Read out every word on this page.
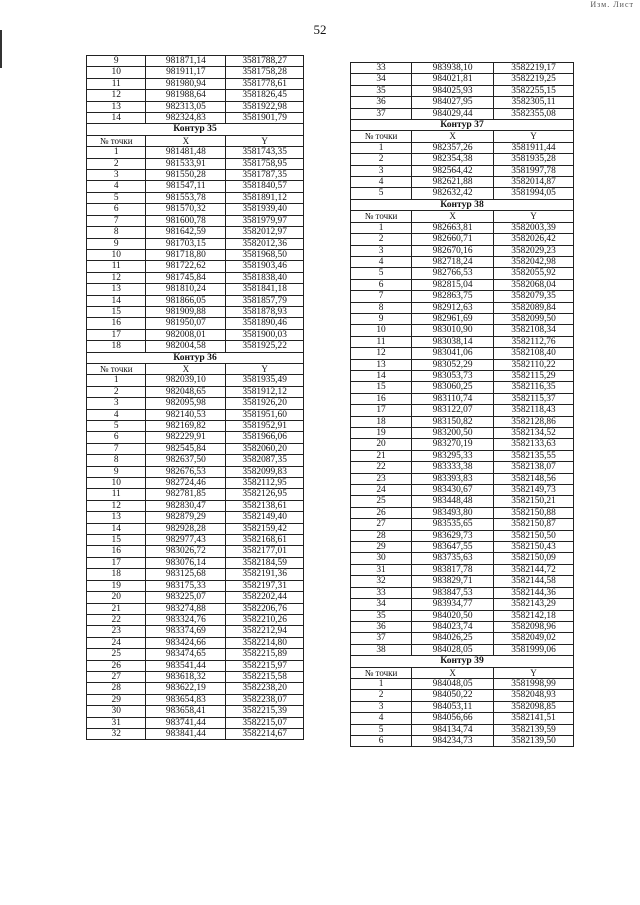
Изм. Лист
52
9	981871,14	3581788,27
10	981911,17	3581758,28
11	981980,94	3581778,61
12	981988,64	3581826,45
13	982313,05	3581922,98
14	982324,83	3581901,79
Контур 35		
№ точки	X	Y
1	981481,48	3581743,35
2	981533,91	3581758,95
3	981550,28	3581787,35
4	981547,11	3581840,57
5	981553,78	3581891,12
6	981570,32	3581939,40
7	981600,78	3581979,97
8	981642,59	3582012,97
9	981703,15	3582012,36
10	981718,80	3581968,50
11	981722,62	3581903,46
12	981745,84	3581838,40
13	981810,24	3581841,18
14	981866,05	3581857,79
15	981909,88	3581878,93
16	981950,07	3581890,46
17	982008,01	3581900,03
18	982004,58	3581925,22
Контур 36		
№ точки	X	Y
1	982039,10	3581935,49
2	982048,65	3581912,12
3	982095,98	3581926,20
4	982140,53	3581951,60
5	982169,82	3581952,91
6	982229,91	3581966,06
7	982545,84	3582060,20
8	982637,50	3582087,35
9	982676,53	3582099,83
10	982724,46	3582112,95
11	982781,85	3582126,95
12	982830,47	3582138,61
13	982879,29	3582149,40
14	982928,28	3582159,42
15	982977,43	3582168,61
16	983026,72	3582177,01
17	983076,14	3582184,59
18	983125,68	3582191,36
19	983175,33	3582197,31
20	983225,07	3582202,44
21	983274,88	3582206,76
22	983324,76	3582210,26
23	983374,69	3582212,94
24	983424,66	3582214,80
25	983474,65	3582215,89
26	983541,44	3582215,97
27	983618,32	3582215,58
28	983622,19	3582238,20
29	983654,83	3582238,07
30	983658,41	3582215,39
31	983741,44	3582215,07
32	983841,44	3582214,67
33	983938,10	3582219,17
34	984021,81	3582219,25
35	984025,93	3582255,15
36	984027,95	3582305,11
37	984029,44	3582355,08
Контур 37		
№ точки	X	Y
1	982357,26	3581911,44
2	982354,38	3581935,28
3	982564,42	3581997,78
4	982621,88	3582014,87
5	982632,42	3581994,05
Контур 38		
№ точки	X	Y
1	982663,81	3582003,39
2	982660,71	3582026,42
3	982670,16	3582029,23
4	982718,24	3582042,98
5	982766,53	3582055,92
6	982815,04	3582068,04
7	982863,75	3582079,35
8	982912,63	3582089,84
9	982961,69	3582099,50
10	983010,90	3582108,34
11	983038,14	3582112,76
12	983041,06	3582108,40
13	983052,29	3582110,22
14	983053,73	3582115,29
15	983060,25	3582116,35
16	983110,74	3582115,37
17	983122,07	3582118,43
18	983150,82	3582128,86
19	983200,50	3582134,52
20	983270,19	3582133,63
21	983295,33	3582135,55
22	983333,38	3582138,07
23	983393,83	3582148,56
24	983430,67	3582149,73
25	983448,48	3582150,21
26	983493,80	3582150,88
27	983535,65	3582150,87
28	983629,73	3582150,50
29	983647,55	3582150,43
30	983735,63	3582150,09
31	983817,78	3582144,72
32	983829,71	3582144,58
33	983847,53	3582144,36
34	983934,77	3582143,29
35	984020,50	3582142,18
36	984023,74	3582098,96
37	984026,25	3582049,02
38	984028,05	3581999,06
Контур 39		
№ точки	X	Y
1	984048,05	3581998,99
2	984050,22	3582048,93
3	984053,11	3582098,85
4	984056,66	3582141,51
5	984134,74	3582139,59
6	984234,73	3582139,50
